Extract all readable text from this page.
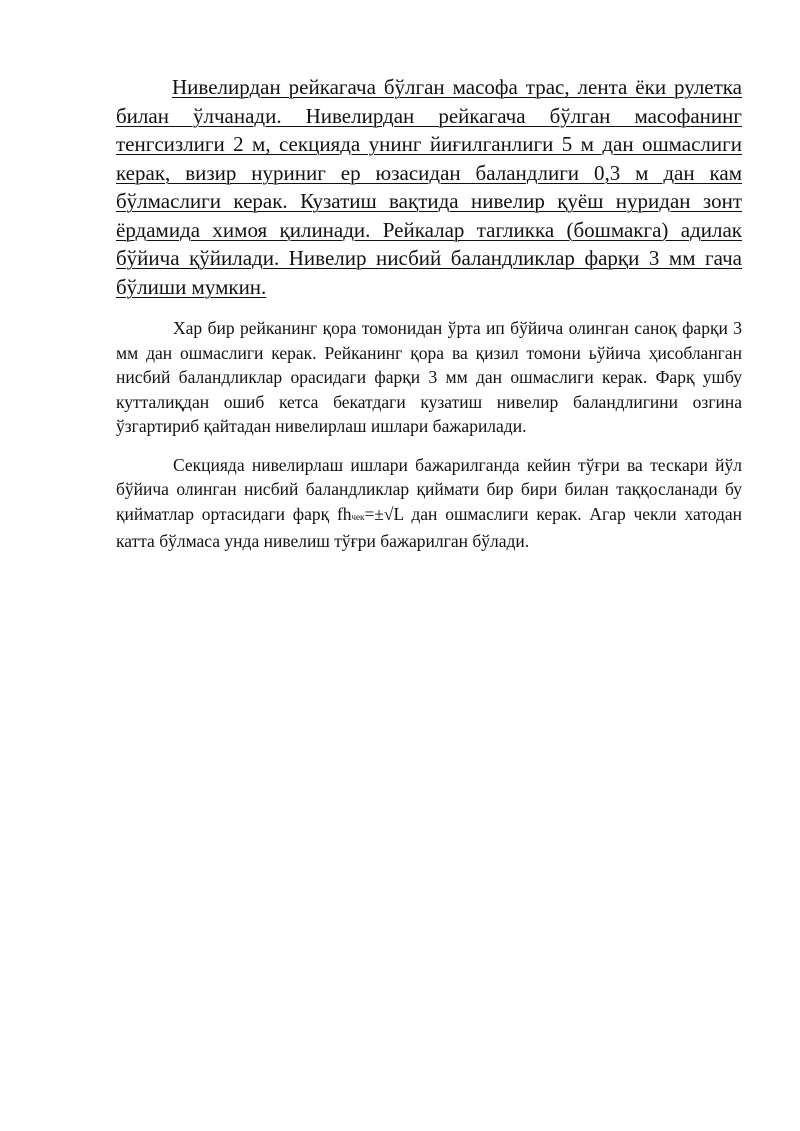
Нивелирдан рейкагача бўлган масофа трас, лента ёки рулетка билан ўлчанади. Нивелирдан рейкагача бўлган масофанинг тенгсизлиги 2 м, секцияда унинг йиғилганлиги 5 м дан ошмаслиги керак, визир нуриниг ер юзасидан баландлиги 0,3 м дан кам бўлмаслиги керак. Кузатиш вақтида нивелир қуёш нуридан зонт ёрдамида химоя қилинади. Рейкалар тагликка (бошмакга) адилак бўйича қўйилади. Нивелир нисбий баландликлар фарқи 3 мм гача бўлиши мумкин.

Хар бир рейканинг қора томонидан ўрта ип бўйича олинган саноқ фарқи 3 мм дан ошмаслиги керак. Рейканинг қора ва қизил томони ьўйича ҳисобланган нисбий баландликлар орасидаги фарқи 3 мм дан ошмаслиги керак. Фарқ ушбу кутталиқдан ошиб кетса бекатдаги кузатиш нивелир баландлигини озгина ўзгартириб қайтадан нивелирлаш ишлари бажарилади.

Секцияда нивелирлаш ишлари бажарилганда кейин тўғри ва тескари йўл бўйича олинган нисбий баландликлар қиймати бир бири билан таққосланади бу қийматлар ортасидаги фарқ fhчек=±√L дан ошмаслиги керак. Агар чекли хатодан катта бўлмаса унда нивелиш тўғри бажарилган бўлади.
